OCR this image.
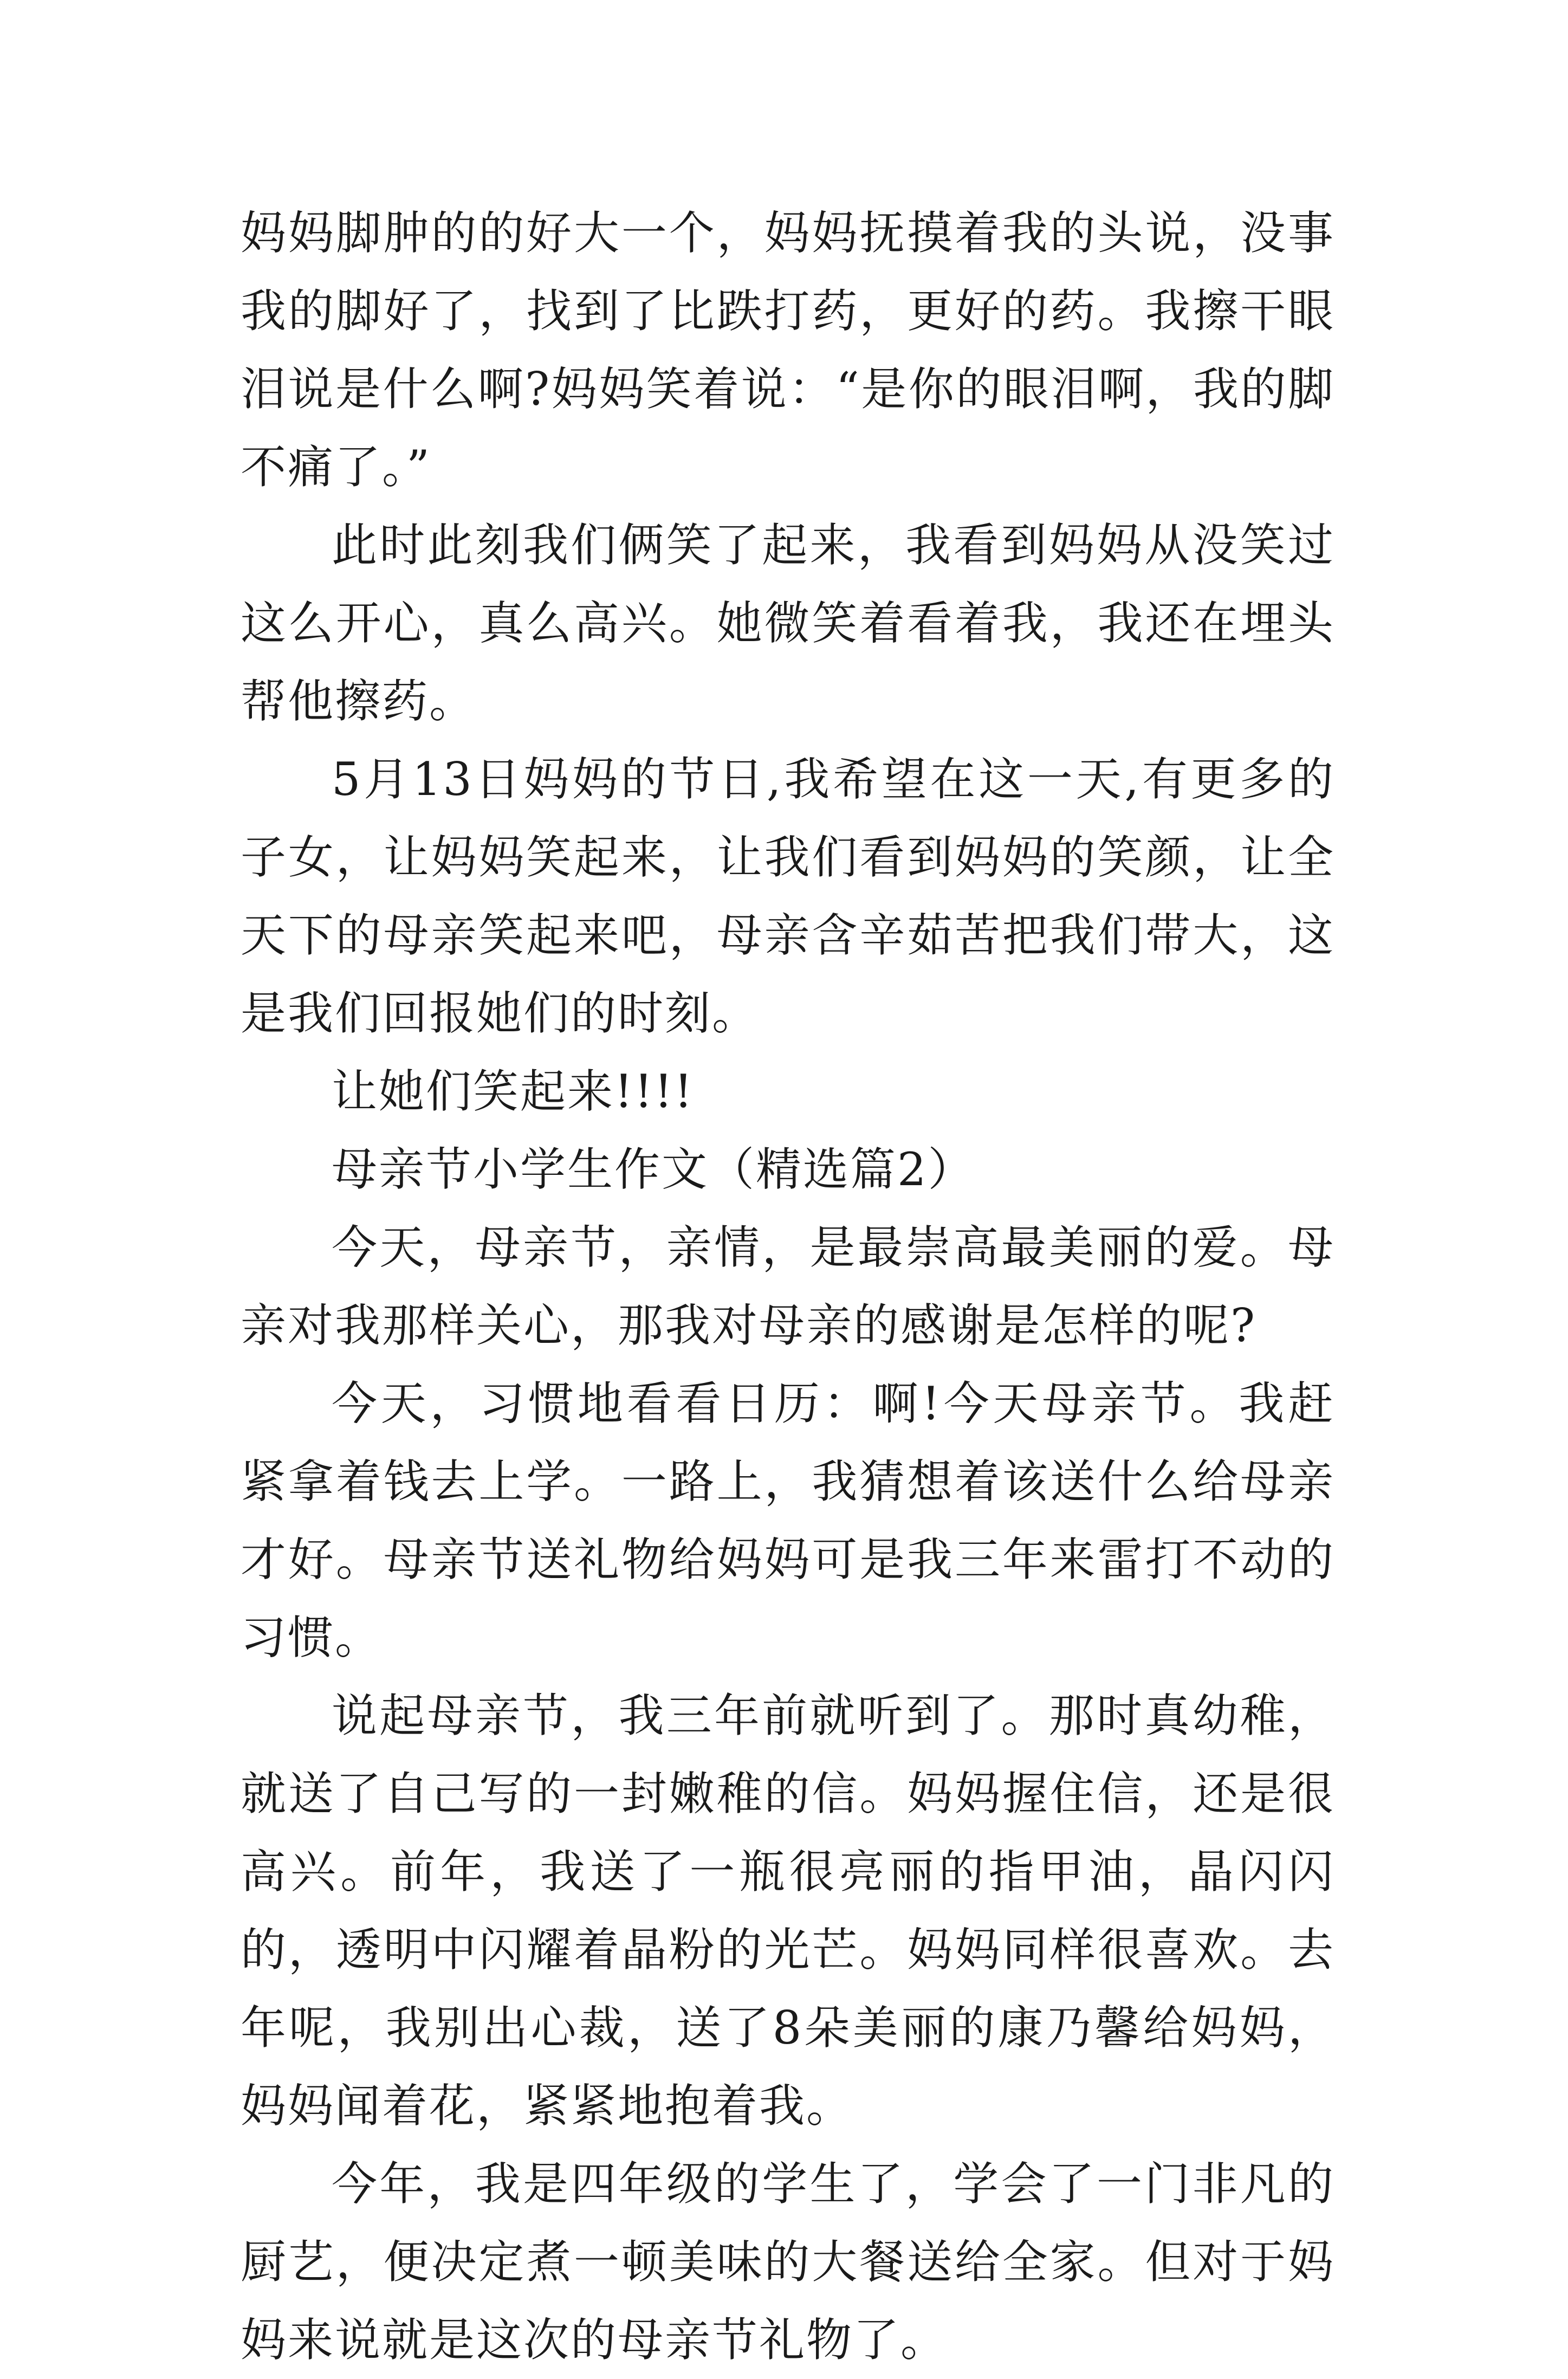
妈妈脚肿的的好大一个，妈妈抚摸着我的头说，没事我的脚好了，找到了比跌打药，更好的药。我擦干眼泪说是什么啊?妈妈笑着说：“是你的眼泪啊，我的脚不痛了。”

此时此刻我们俩笑了起来，我看到妈妈从没笑过这么开心，真么高兴。她微笑着看着我，我还在埋头帮他擦药。

5月13日妈妈的节日,我希望在这一天,有更多的子女，让妈妈笑起来，让我们看到妈妈的笑颜，让全天下的母亲笑起来吧，母亲含辛茹苦把我们带大，这是我们回报她们的时刻。

让她们笑起来!!!!

母亲节小学生作文（精选篇2）

今天，母亲节，亲情，是最崇高最美丽的爱。母亲对我那样关心，那我对母亲的感谢是怎样的呢?

今天，习惯地看看日历：啊!今天母亲节。我赶紧拿着钱去上学。一路上，我猜想着该送什么给母亲才好。母亲节送礼物给妈妈可是我三年来雷打不动的习惯。

说起母亲节，我三年前就听到了。那时真幼稚，就送了自己写的一封嫩稚的信。妈妈握住信，还是很高兴。前年，我送了一瓶很亮丽的指甲油，晶闪闪的，透明中闪耀着晶粉的光芒。妈妈同样很喜欢。去年呢，我别出心裁，送了8朵美丽的康乃馨给妈妈，妈妈闻着花，紧紧地抱着我。

今年，我是四年级的学生了，学会了一门非凡的厨艺，便决定煮一顿美味的大餐送给全家。但对于妈妈来说就是这次的母亲节礼物了。
